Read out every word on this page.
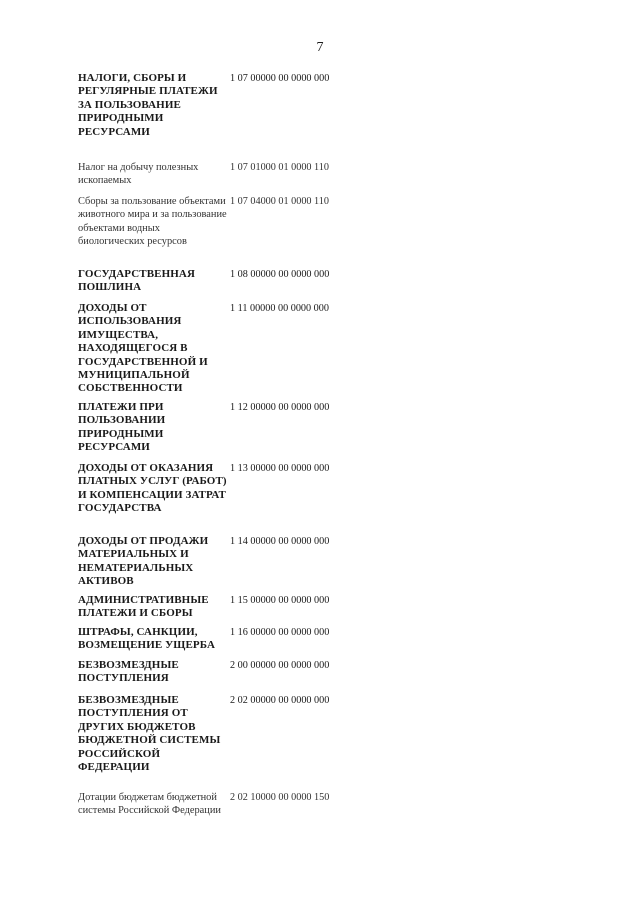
7
НАЛОГИ, СБОРЫ И РЕГУЛЯРНЫЕ ПЛАТЕЖИ ЗА ПОЛЬЗОВАНИЕ ПРИРОДНЫМИ РЕСУРСАМИ
1 07 00000 00 0000 000
Налог на добычу полезных ископаемых
1 07 01000 01 0000 110
Сборы за пользование объектами животного мира и за пользование объектами водных биологических ресурсов
1 07 04000 01 0000 110
ГОСУДАРСТВЕННАЯ ПОШЛИНА
1 08 00000 00 0000 000
ДОХОДЫ ОТ ИСПОЛЬЗОВАНИЯ ИМУЩЕСТВА, НАХОДЯЩЕГОСЯ В ГОСУДАРСТВЕННОЙ И МУНИЦИПАЛЬНОЙ СОБСТВЕННОСТИ
1 11 00000 00 0000 000
ПЛАТЕЖИ ПРИ ПОЛЬЗОВАНИИ ПРИРОДНЫМИ РЕСУРСАМИ
1 12 00000 00 0000 000
ДОХОДЫ ОТ ОКАЗАНИЯ ПЛАТНЫХ УСЛУГ (РАБОТ) И КОМПЕНСАЦИИ ЗАТРАТ ГОСУДАРСТВА
1 13 00000 00 0000 000
ДОХОДЫ ОТ ПРОДАЖИ МАТЕРИАЛЬНЫХ И НЕМАТЕРИАЛЬНЫХ АКТИВОВ
1 14 00000 00 0000 000
АДМИНИСТРАТИВНЫЕ ПЛАТЕЖИ И СБОРЫ
1 15 00000 00 0000 000
ШТРАФЫ, САНКЦИИ, ВОЗМЕЩЕНИЕ УЩЕРБА
1 16 00000 00 0000 000
БЕЗВОЗМЕЗДНЫЕ ПОСТУПЛЕНИЯ
2 00 00000 00 0000 000
БЕЗВОЗМЕЗДНЫЕ ПОСТУПЛЕНИЯ ОТ ДРУГИХ БЮДЖЕТОВ БЮДЖЕТНОЙ СИСТЕМЫ РОССИЙСКОЙ ФЕДЕРАЦИИ
2 02 00000 00 0000 000
Дотации бюджетам бюджетной системы Российской Федерации
2 02 10000 00 0000 150
